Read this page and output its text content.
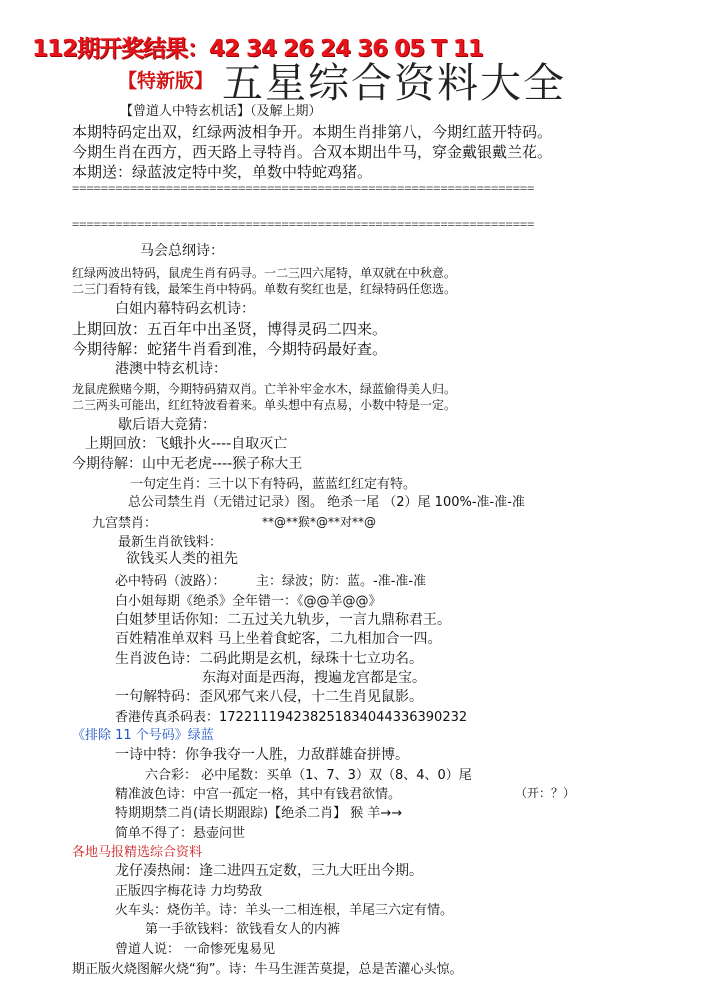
112期开奖结果：42 34 26 24 36 05 T 11
【特新版】 五星综合资料大全
【曾道人中特玄机话】（及解上期）
本期特码定出双，红绿两波相争开。本期生肖排第八，今期红蓝开特码。
今期生肖在西方，西天路上寻特肖。合双本期出牛马，穿金戴银戴兰花。
本期送：绿蓝波定特中奖，单数中特蛇鸡猪。
================================================================
================================================================
马会总纲诗：
红绿两波出特码，鼠虎生肖有码寻。一二三四六尾特，单双就在中秋意。
二三门看特有钱，最笨生肖中特码。单数有奖红也是，红绿特码任您选。
白姐内幕特码玄机诗：
上期回放：五百年中出圣贤，博得灵码二四来。
今期待解：蛇猪牛肖看到准，今期特码最好查。
港澳中特玄机诗：
龙鼠虎猴赌今期，今期特码猜双肖。亡羊补牢金水木，绿蓝偷得美人归。
二三两头可能出，红红特波看着来。单头想中有点易，小数中特是一定。
歇后语大竞猜：
上期回放：飞蛾扑火----自取灭亡
今期待解：山中无老虎----猴子称大王
一句定生肖：三十以下有特码，蓝蓝红红定有特。
总公司禁生肖（无错过记录）图。 绝杀一尾 （2）尾 100%-准-准-准
九宫禁肖：	**@**猴*@**对**@
最新生肖欲钱料：
欲钱买人类的祖先
必中特码（波路）： 主：绿波；防：蓝。-准-准-准
白小姐每期《绝杀》全年错一：《@@羊@@》
白姐梦里话你知：二五过关九轨步，一言九鼎称君王。
百姓精准单双料 马上坐着食蛇客，二九相加合一四。
生肖波色诗：二码此期是玄机，绿珠十七立功名。
东海对面是西海，搜遍龙宫都是宝。
一句解特码：歪风邪气来八侵，十二生肖见鼠影。
香港传真杀码表：1722111942382518340443363902​32
《排除 11 个号码》绿蓝
一诗中特：你争我夺一人胜，力敌群雄奋拼博。
六合彩： 必中尾数：买单（1、7、3）双（8、4、0）尾
精准波色诗：中宫一孤定一格，其中有钱君欲情。	（开：？）
特期期禁二肖(请长期跟踪)【绝杀二肖】 猴 羊→→
简单不得了：悬壶问世
各地马报精选综合资料
龙仔凑热闹：逢二进四五定数，三九大旺出今期。
正版四字梅花诗 力均势敌
火车头：烧伤羊。诗：羊头一二相连根，羊尾三六定有情。
第一手欲钱料：欲钱看女人的内裤
曾道人说： 一命惨死鬼易见
期正版火烧图解火烧“狗”。诗：牛马生涯苦莫提，总是苦灌心头惊。
